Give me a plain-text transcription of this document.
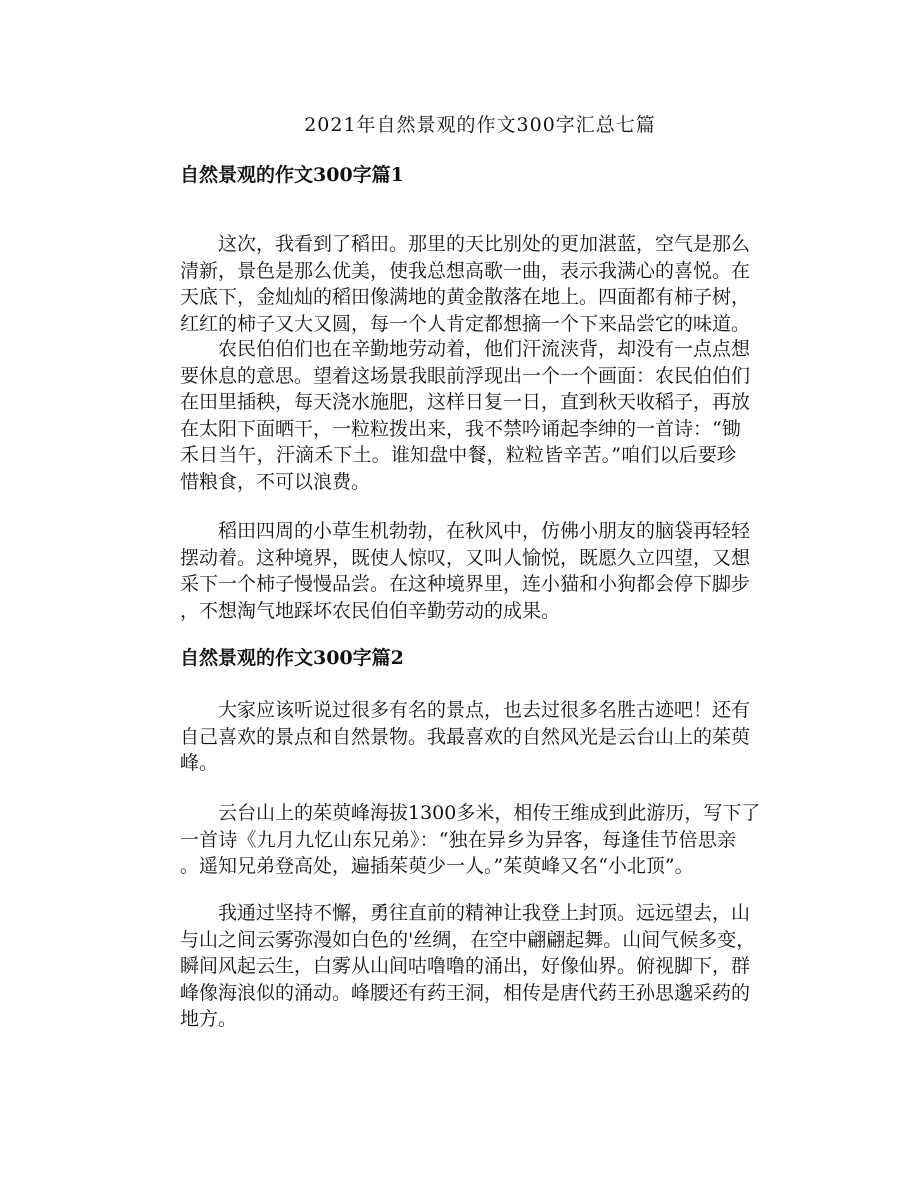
2021年自然景观的作文300字汇总七篇
自然景观的作文300字篇1
　　这次，我看到了稻田。那里的天比别处的更加湛蓝，空气是那么
清新，景色是那么优美，使我总想高歌一曲，表示我满心的喜悦。在
天底下，金灿灿的稻田像满地的黄金散落在地上。四面都有柿子树，
红红的柿子又大又圆，每一个人肯定都想摘一个下来品尝它的味道。
　　农民伯伯们也在辛勤地劳动着，他们汗流浃背，却没有一点点想
要休息的意思。望着这场景我眼前浮现出一个一个画面：农民伯伯们
在田里插秧，每天浇水施肥，这样日复一日，直到秋天收稻子，再放
在太阳下面晒干，一粒粒拨出来，我不禁吟诵起李绅的一首诗：“锄
禾日当午，汗滴禾下土。谁知盘中餐，粒粒皆辛苦。”咱们以后要珍
惜粮食，不可以浪费。
　　稻田四周的小草生机勃勃，在秋风中，仿佛小朋友的脑袋再轻轻
摆动着。这种境界，既使人惊叹，又叫人愉悦，既愿久立四望，又想
采下一个柿子慢慢品尝。在这种境界里，连小猫和小狗都会停下脚步
，不想淘气地踩坏农民伯伯辛勤劳动的成果。
自然景观的作文300字篇2
　　大家应该听说过很多有名的景点，也去过很多名胜古迹吧！还有
自己喜欢的景点和自然景物。我最喜欢的自然风光是云台山上的茱萸
峰。
　　云台山上的茱萸峰海拔1300多米，相传王维成到此游历，写下了
一首诗《九月九忆山东兄弟》：“独在异乡为异客，每逢佳节倍思亲
。遥知兄弟登高处，遍插茱萸少一人。”茱萸峰又名“小北顶”。
　　我通过坚持不懈，勇往直前的精神让我登上封顶。远远望去，山
与山之间云雾弥漫如白色的'丝绸，在空中翩翩起舞。山间气候多变，
瞬间风起云生，白雾从山间咕噜噜的涌出，好像仙界。俯视脚下，群
峰像海浪似的涌动。峰腰还有药王洞，相传是唐代药王孙思邈采药的
地方。
